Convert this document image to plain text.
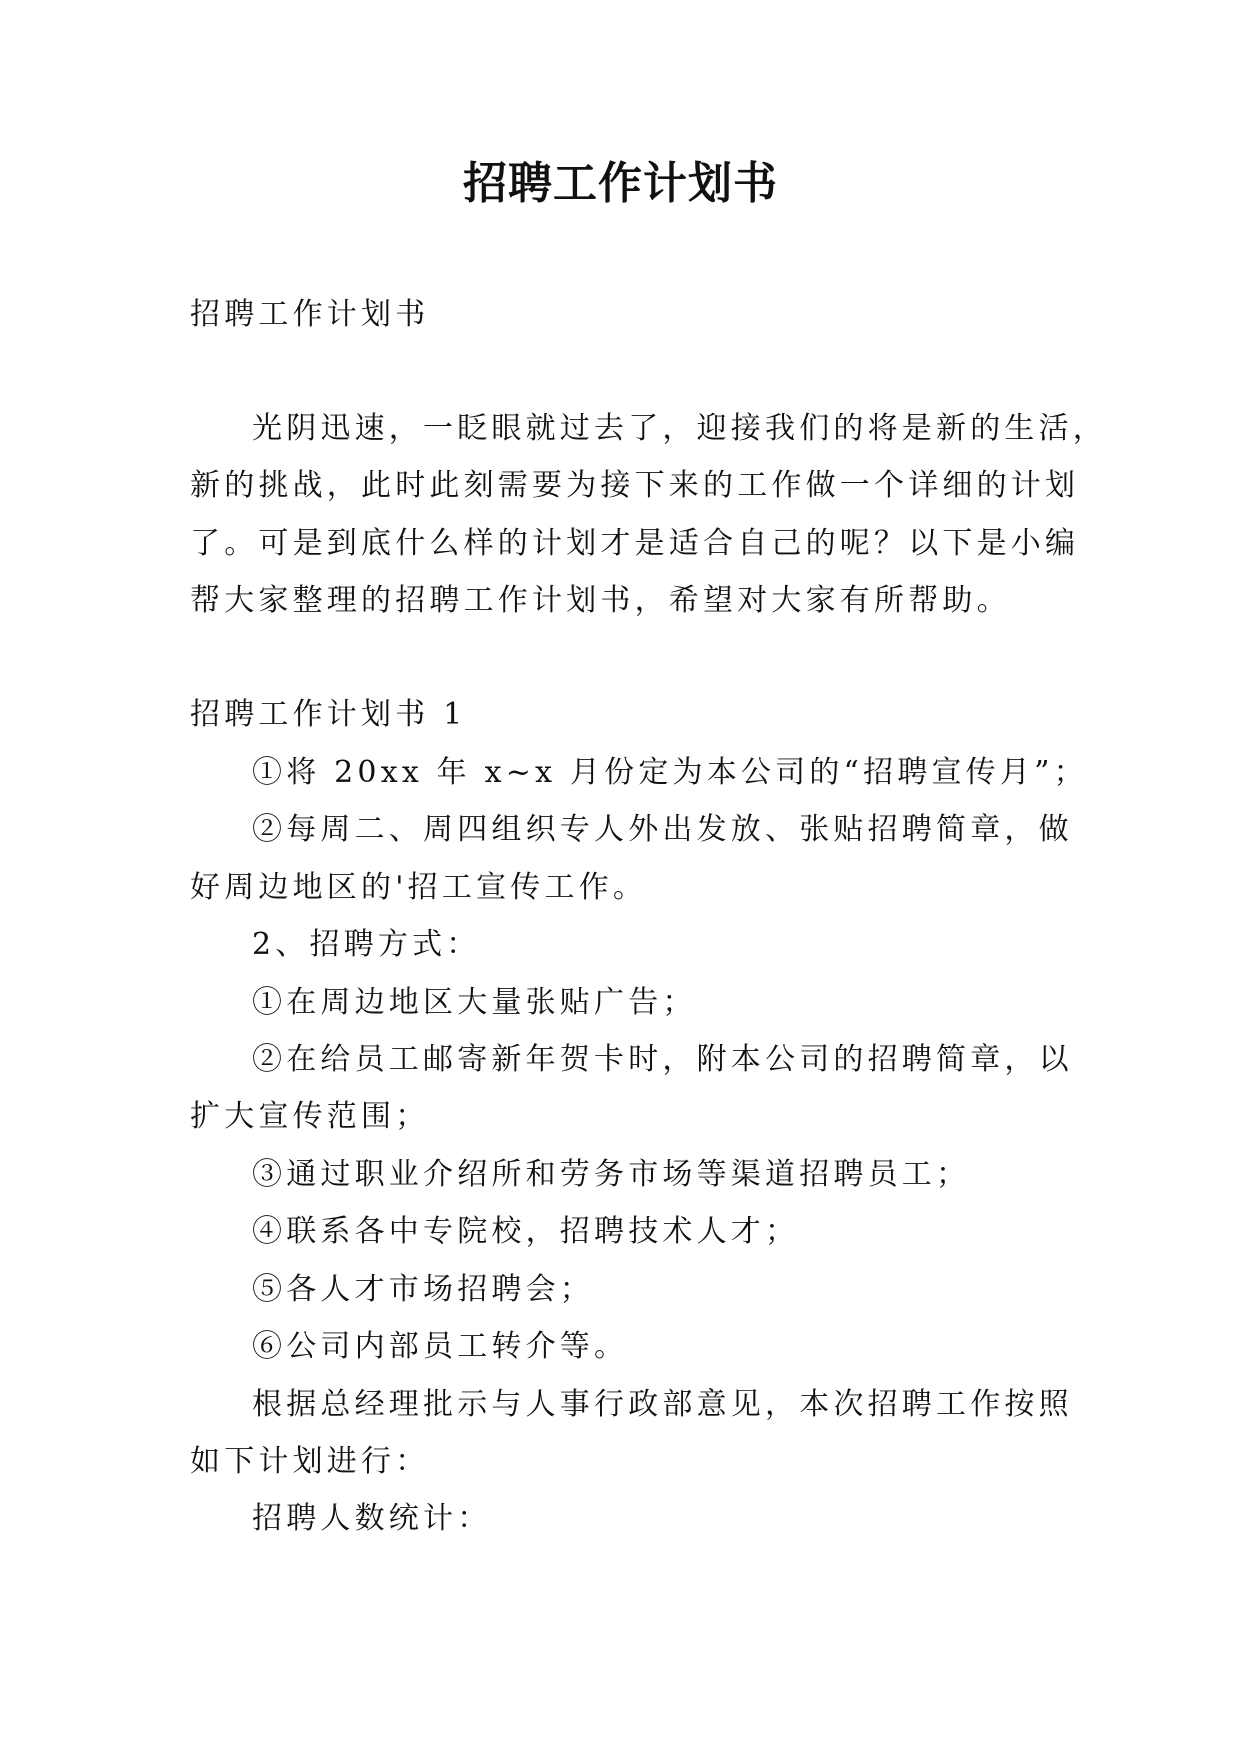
招聘工作计划书
招聘工作计划书
光阴迅速，一眨眼就过去了，迎接我们的将是新的生活，
新的挑战，此时此刻需要为接下来的工作做一个详细的计划
了。可是到底什么样的计划才是适合自己的呢？以下是小编
帮大家整理的招聘工作计划书，希望对大家有所帮助。
招聘工作计划书 1
①将 20xx 年 x~x 月份定为本公司的“招聘宣传月”；
②每周二、周四组织专人外出发放、张贴招聘简章，做
好周边地区的'招工宣传工作。
2、招聘方式：
①在周边地区大量张贴广告；
②在给员工邮寄新年贺卡时，附本公司的招聘简章，以
扩大宣传范围；
③通过职业介绍所和劳务市场等渠道招聘员工；
④联系各中专院校，招聘技术人才；
⑤各人才市场招聘会；
⑥公司内部员工转介等。
根据总经理批示与人事行政部意见，本次招聘工作按照
如下计划进行：
招聘人数统计：
